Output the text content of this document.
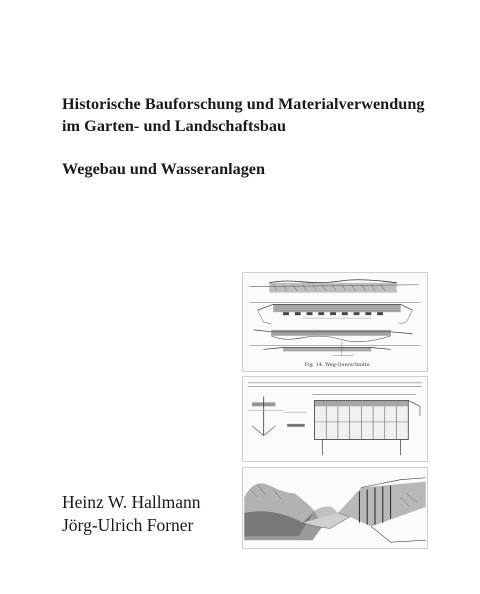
Historische Bauforschung und Materialverwendung
im Garten- und Landschaftsbau
Wegebau und Wasseranlagen
Fig. 14. Weg-Querschnitte
Heinz W. Hallmann
Jörg-Ulrich Forner
